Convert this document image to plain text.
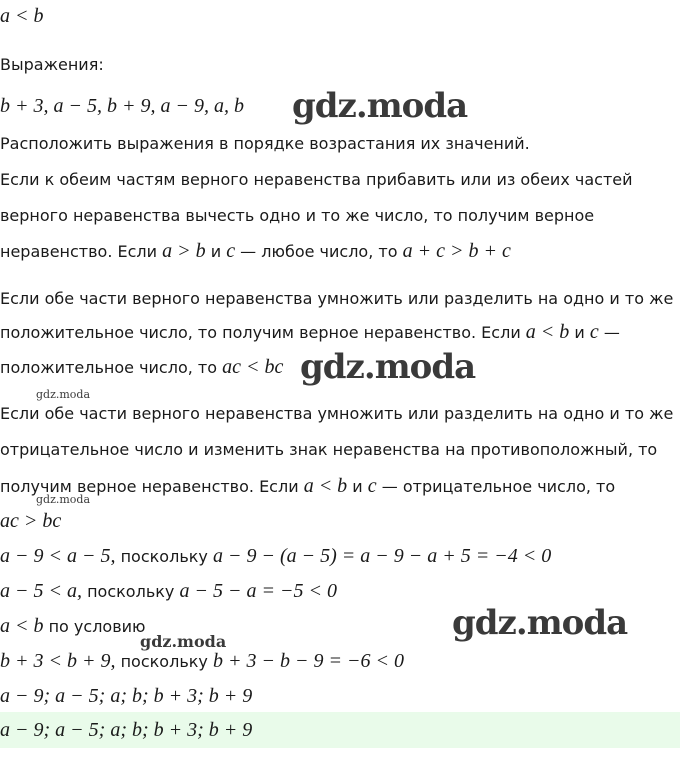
a < b
Выражения:
b + 3, a − 5, b + 9, a − 9, a, b
Расположить выражения в порядке возрастания их значений.
Если к обеим частям верного неравенства прибавить или из обеих частей
верного неравенства вычесть одно и то же число, то получим верное
неравенство. Если a > b и c — любое число, то a + c > b + c
Если обе части верного неравенства умножить или разделить на одно и то же
положительное число, то получим верное неравенство. Если a < b и c —
положительное число, то ac < bc
Если обе части верного неравенства умножить или разделить на одно и то же
отрицательное число и изменить знак неравенства на противоположный, то
получим верное неравенство. Если a < b и c — отрицательное число, то
ac > bc
a − 9 < a − 5, поскольку a − 9 − (a − 5) = a − 9 − a + 5 = −4 < 0
a − 5 < a, поскольку a − 5 − a = −5 < 0
a < b по условию
b + 3 < b + 9, поскольку b + 3 − b − 9 = −6 < 0
a − 9; a − 5; a; b; b + 3; b + 9
a − 9; a − 5; a; b; b + 3; b + 9
gdz.moda
gdz.moda
gdz.moda
gdz.moda
gdz.moda
gdz.moda
